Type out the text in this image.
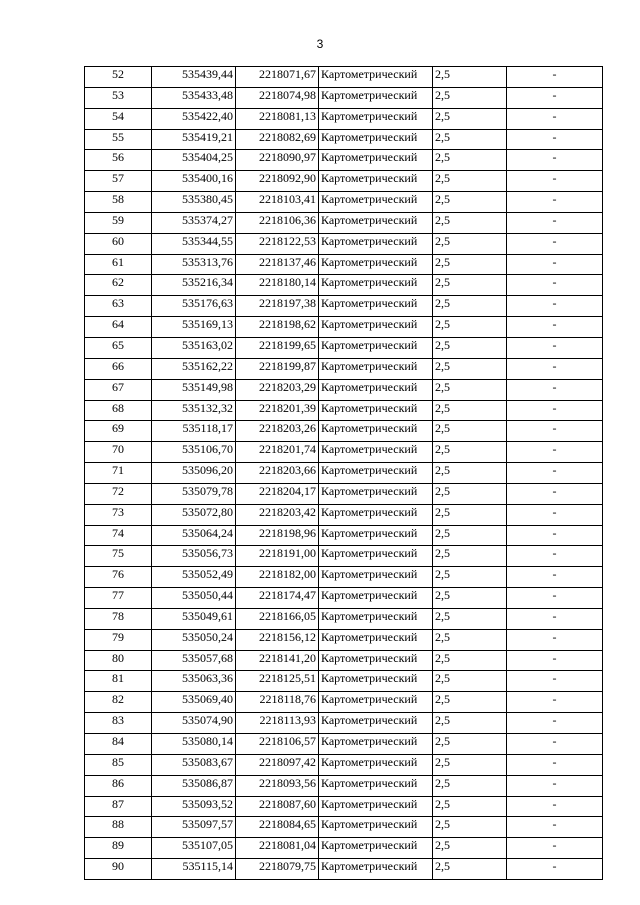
3
52	535439,44	2218071,67	Картометрический	2,5	-
53	535433,48	2218074,98	Картометрический	2,5	-
54	535422,40	2218081,13	Картометрический	2,5	-
55	535419,21	2218082,69	Картометрический	2,5	-
56	535404,25	2218090,97	Картометрический	2,5	-
57	535400,16	2218092,90	Картометрический	2,5	-
58	535380,45	2218103,41	Картометрический	2,5	-
59	535374,27	2218106,36	Картометрический	2,5	-
60	535344,55	2218122,53	Картометрический	2,5	-
61	535313,76	2218137,46	Картометрический	2,5	-
62	535216,34	2218180,14	Картометрический	2,5	-
63	535176,63	2218197,38	Картометрический	2,5	-
64	535169,13	2218198,62	Картометрический	2,5	-
65	535163,02	2218199,65	Картометрический	2,5	-
66	535162,22	2218199,87	Картометрический	2,5	-
67	535149,98	2218203,29	Картометрический	2,5	-
68	535132,32	2218201,39	Картометрический	2,5	-
69	535118,17	2218203,26	Картометрический	2,5	-
70	535106,70	2218201,74	Картометрический	2,5	-
71	535096,20	2218203,66	Картометрический	2,5	-
72	535079,78	2218204,17	Картометрический	2,5	-
73	535072,80	2218203,42	Картометрический	2,5	-
74	535064,24	2218198,96	Картометрический	2,5	-
75	535056,73	2218191,00	Картометрический	2,5	-
76	535052,49	2218182,00	Картометрический	2,5	-
77	535050,44	2218174,47	Картометрический	2,5	-
78	535049,61	2218166,05	Картометрический	2,5	-
79	535050,24	2218156,12	Картометрический	2,5	-
80	535057,68	2218141,20	Картометрический	2,5	-
81	535063,36	2218125,51	Картометрический	2,5	-
82	535069,40	2218118,76	Картометрический	2,5	-
83	535074,90	2218113,93	Картометрический	2,5	-
84	535080,14	2218106,57	Картометрический	2,5	-
85	535083,67	2218097,42	Картометрический	2,5	-
86	535086,87	2218093,56	Картометрический	2,5	-
87	535093,52	2218087,60	Картометрический	2,5	-
88	535097,57	2218084,65	Картометрический	2,5	-
89	535107,05	2218081,04	Картометрический	2,5	-
90	535115,14	2218079,75	Картометрический	2,5	-
